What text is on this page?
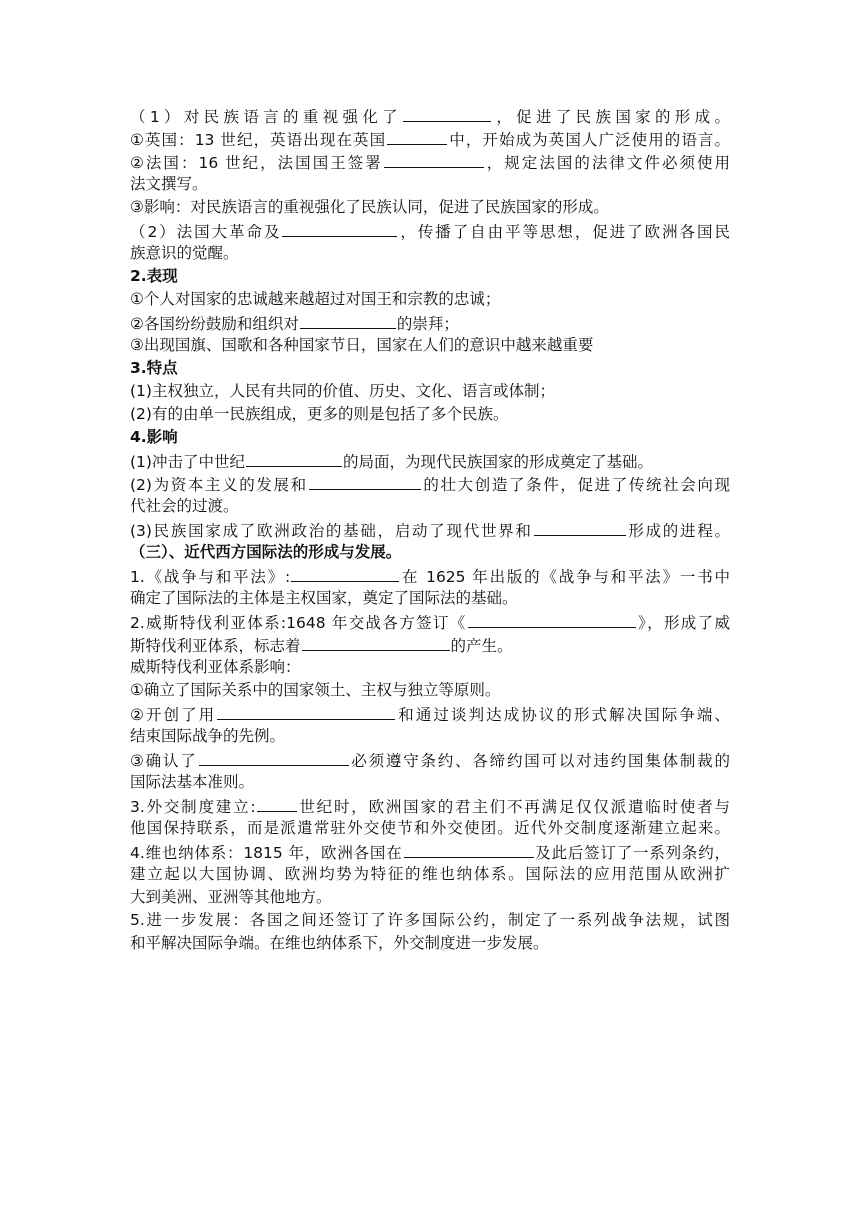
（1）对民族语言的重视强化了	，促进了民族国家的形成。
①英国：13 世纪，英语出现在英国	中，开始成为英国人广泛使用的语言。
②法国：16 世纪，法国国王签署	，规定法国的法律文件必须使用
法文撰写。
③影响：对民族语言的重视强化了民族认同，促进了民族国家的形成。
（2）法国大革命及	，传播了自由平等思想，促进了欧洲各国民
族意识的觉醒。
2.表现
①个人对国家的忠诚越来越超过对国王和宗教的忠诚；
②各国纷纷鼓励和组织对	的崇拜；
③出现国旗、国歌和各种国家节日，国家在人们的意识中越来越重要
3.特点
(1)主权独立，人民有共同的价值、历史、文化、语言或体制；
(2)有的由单一民族组成，更多的则是包括了多个民族。
4.影响
(1)冲击了中世纪	的局面，为现代民族国家的形成奠定了基础。
(2)为资本主义的发展和	的壮大创造了条件，促进了传统社会向现
代社会的过渡。
(3)民族国家成了欧洲政治的基础，启动了现代世界和	形成的进程。
（三）、近代西方国际法的形成与发展。
1.《战争与和平法》:	在 1625 年出版的《战争与和平法》一书中
确定了国际法的主体是主权国家，奠定了国际法的基础。
2.威斯特伐利亚体系:1648 年交战各方签订《	》，形成了威
斯特伐利亚体系，标志着	的产生。
威斯特伐利亚体系影响：
①确立了国际关系中的国家领土、主权与独立等原则。
②开创了用	和通过谈判达成协议的形式解决国际争端、
结束国际战争的先例。
③确认了	必须遵守条约、各缔约国可以对违约国集体制裁的
国际法基本准则。
3.外交制度建立:	世纪时，欧洲国家的君主们不再满足仅仅派遣临时使者与
他国保持联系，而是派遣常驻外交使节和外交使团。近代外交制度逐渐建立起来。
4.维也纳体系：1815 年，欧洲各国在	及此后签订了一系列条约，
建立起以大国协调、欧洲均势为特征的维也纳体系。国际法的应用范围从欧洲扩
大到美洲、亚洲等其他地方。
5.进一步发展：各国之间还签订了许多国际公约，制定了一系列战争法规，试图
和平解决国际争端。在维也纳体系下，外交制度进一步发展。
